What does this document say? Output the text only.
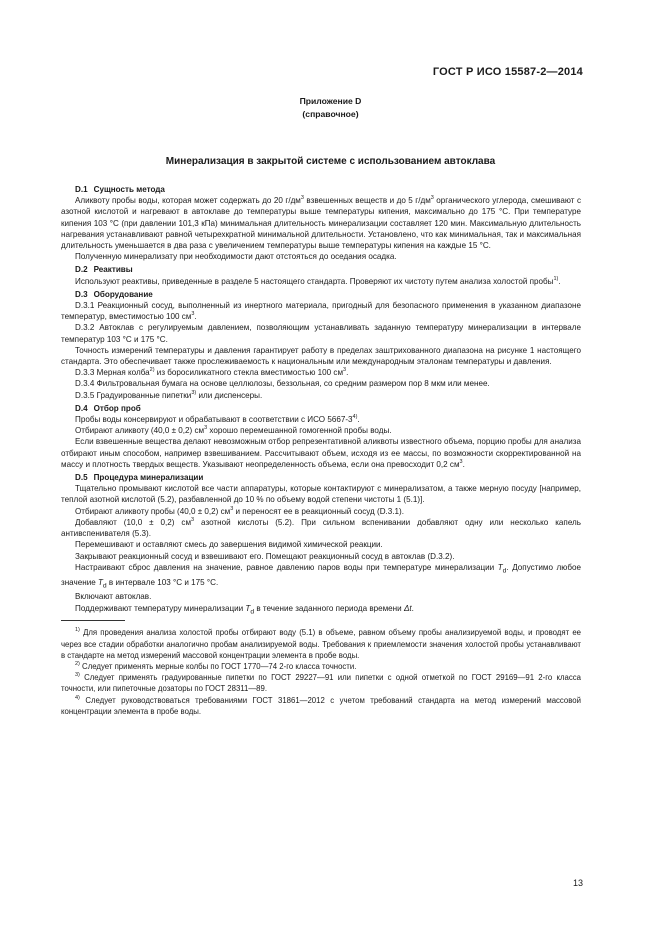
ГОСТ Р ИСО 15587-2—2014
Приложение D
(справочное)
Минерализация в закрытой системе с использованием автоклава
D.1 Сущность метода

Аликвоту пробы воды, которая может содержать до 20 $г/дм^3$ взвешенных веществ и до 5 $г/дм^3$ органического углерода, смешивают с азотной кислотой и нагревают в автоклаве до температуры выше температуры кипения, максимально до 175 °С. При температуре кипения 103 °С (при давлении 101,3 кПа) минимальная длительность минерализации составляет 120 мин. Максимальную длительность нагревания устанавливают равной четырехкратной минимальной длительности. Установлено, что как минимальная, так и максимальная длительность уменьшается в два раза с увеличением температуры выше температуры кипения на каждые 15 °С.

Полученную минерализату при необходимости дают отстояться до оседания осадка.

D.2 Реактивы

Используют реактивы, приведенные в разделе 5 настоящего стандарта. Проверяют их чистоту путем анализа холостой пробы$^{1)}$.

D.3 Оборудование

D.3.1 Реакционный сосуд, выполненный из инертного материала, пригодный для безопасного применения в указанном диапазоне температур, вместимостью 100 $см^3$.

D.3.2 Автоклав с регулируемым давлением, позволяющим устанавливать заданную температуру минерализации в интервале температур 103 °С и 175 °С.

Точность измерений температуры и давления гарантирует работу в пределах заштрихованного диапазона на рисунке 1 настоящего стандарта. Это обеспечивает также прослеживаемость к национальным или международным эталонам температуры и давления.

D.3.3 Мерная колба$^{2)}$ из боросиликатного стекла вместимостью 100 $см^3$.

D.3.4 Фильтровальная бумага на основе целлюлозы, беззольная, со средним размером пор 8 мкм или менее.

D.3.5 Градуированные пипетки$^{3)}$ или диспенсеры.

D.4 Отбор проб

Пробы воды консервируют и обрабатывают в соответствии с ИСО 5667-3$^{4)}$.

Отбирают аликвоту (40,0 ± 0,2) $см^3$ хорошо перемешанной гомогенной пробы воды.

Если взвешенные вещества делают невозможным отбор репрезентативной аликвоты известного объема, порцию пробы для анализа отбирают иным способом, например взвешиванием. Рассчитывают объем, исходя из ее массы, по возможности скорректированной на массу и плотность твердых веществ. Указывают неопределенность объема, если она превосходит 0,2 $см^3$.

D.5 Процедура минерализации

Тщательно промывают кислотой все части аппаратуры, которые контактируют с минерализатом, а также мерную посуду [например, теплой азотной кислотой (5.2), разбавленной до 10 % по объему водой степени чистоты 1 (5.1)].

Отбирают аликвоту пробы (40,0 ± 0,2) $см^3$ и переносят ее в реакционный сосуд (D.3.1).

Добавляют (10,0 ± 0,2) $см^3$ азотной кислоты (5.2). При сильном вспенивании добавляют одну или несколько капель антивспенивателя (5.3).

Перемешивают и оставляют смесь до завершения видимой химической реакции.

Закрывают реакционный сосуд и взвешивают его. Помещают реакционный сосуд в автоклав (D.3.2).

Настраивают сброс давления на значение, равное давлению паров воды при температуре минерализации $T_d$. Допустимо любое значение $T_d$ в интервале 103 °С и 175 °С.

Включают автоклав.

Поддерживают температуру минерализации $T_d$ в течение заданного периода времени Δt.

$^{1)}$ Для проведения анализа холостой пробы отбирают воду (5.1) в объеме, равном объему пробы анализируемой воды, и проводят ее через все стадии обработки аналогично пробам анализируемой воды. Требования к приемлемости значения холостой пробы устанавливают в стандарте на метод измерений массовой концентрации элемента в пробе воды.

$^{2)}$ Следует применять мерные колбы по ГОСТ 1770—74 2-го класса точности.

$^{3)}$ Следует применять градуированные пипетки по ГОСТ 29227—91 или пипетки с одной отметкой по ГОСТ 29169—91 2-го класса точности, или пипеточные дозаторы по ГОСТ 28311—89.

$^{4)}$ Следует руководствоваться требованиями ГОСТ 31861—2012 с учетом требований стандарта на метод измерений массовой концентрации элемента в пробе воды.

13
